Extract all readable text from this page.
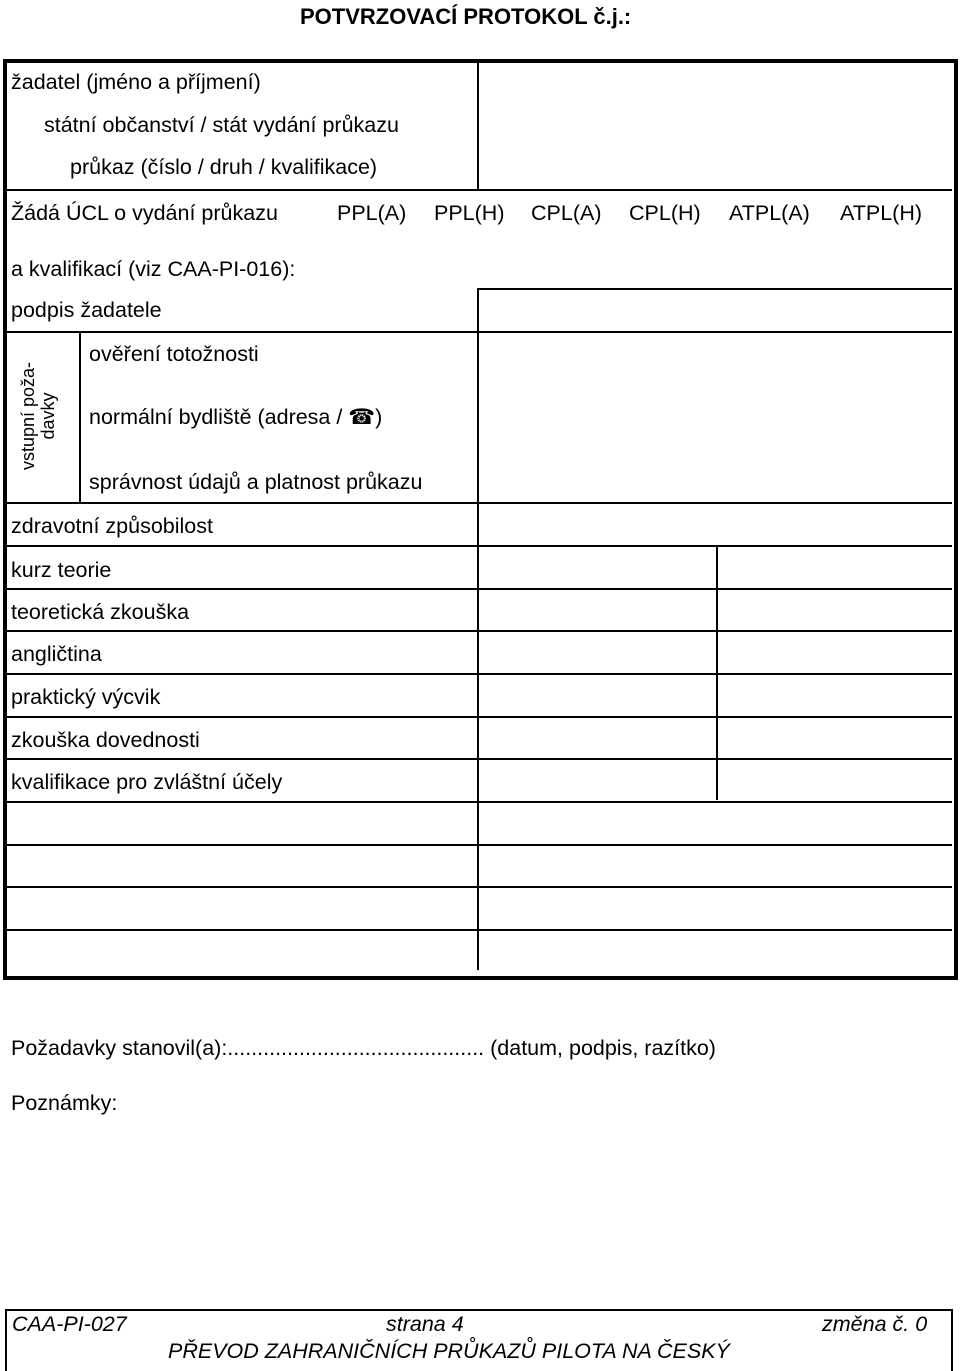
POTVRZOVACÍ PROTOKOL č.j.:
žadatel (jméno a příjmení)
státní občanství / stát vydání průkazu
průkaz (číslo / druh / kvalifikace)
Žádá ÚCL o vydání průkazu	PPL(A) PPL(H) CPL(A) CPL(H) ATPL(A) ATPL(H)
a kvalifikací (viz CAA-PI-016):
podpis žadatele
vstupní poža- davky
ověření totožnosti
normální bydliště (adresa / ☎)
správnost údajů a platnost průkazu
zdravotní způsobilost
kurz teorie
teoretická zkouška
angličtina
praktický výcvik
zkouška dovednosti
kvalifikace pro zvláštní účely
Požadavky stanovil(a):........................................... (datum, podpis, razítko)
Poznámky:
CAA-PI-027	strana 4	změna č. 0
PŘEVOD ZAHRANIČNÍCH PRŮKAZŮ PILOTA NA ČESKÝ
